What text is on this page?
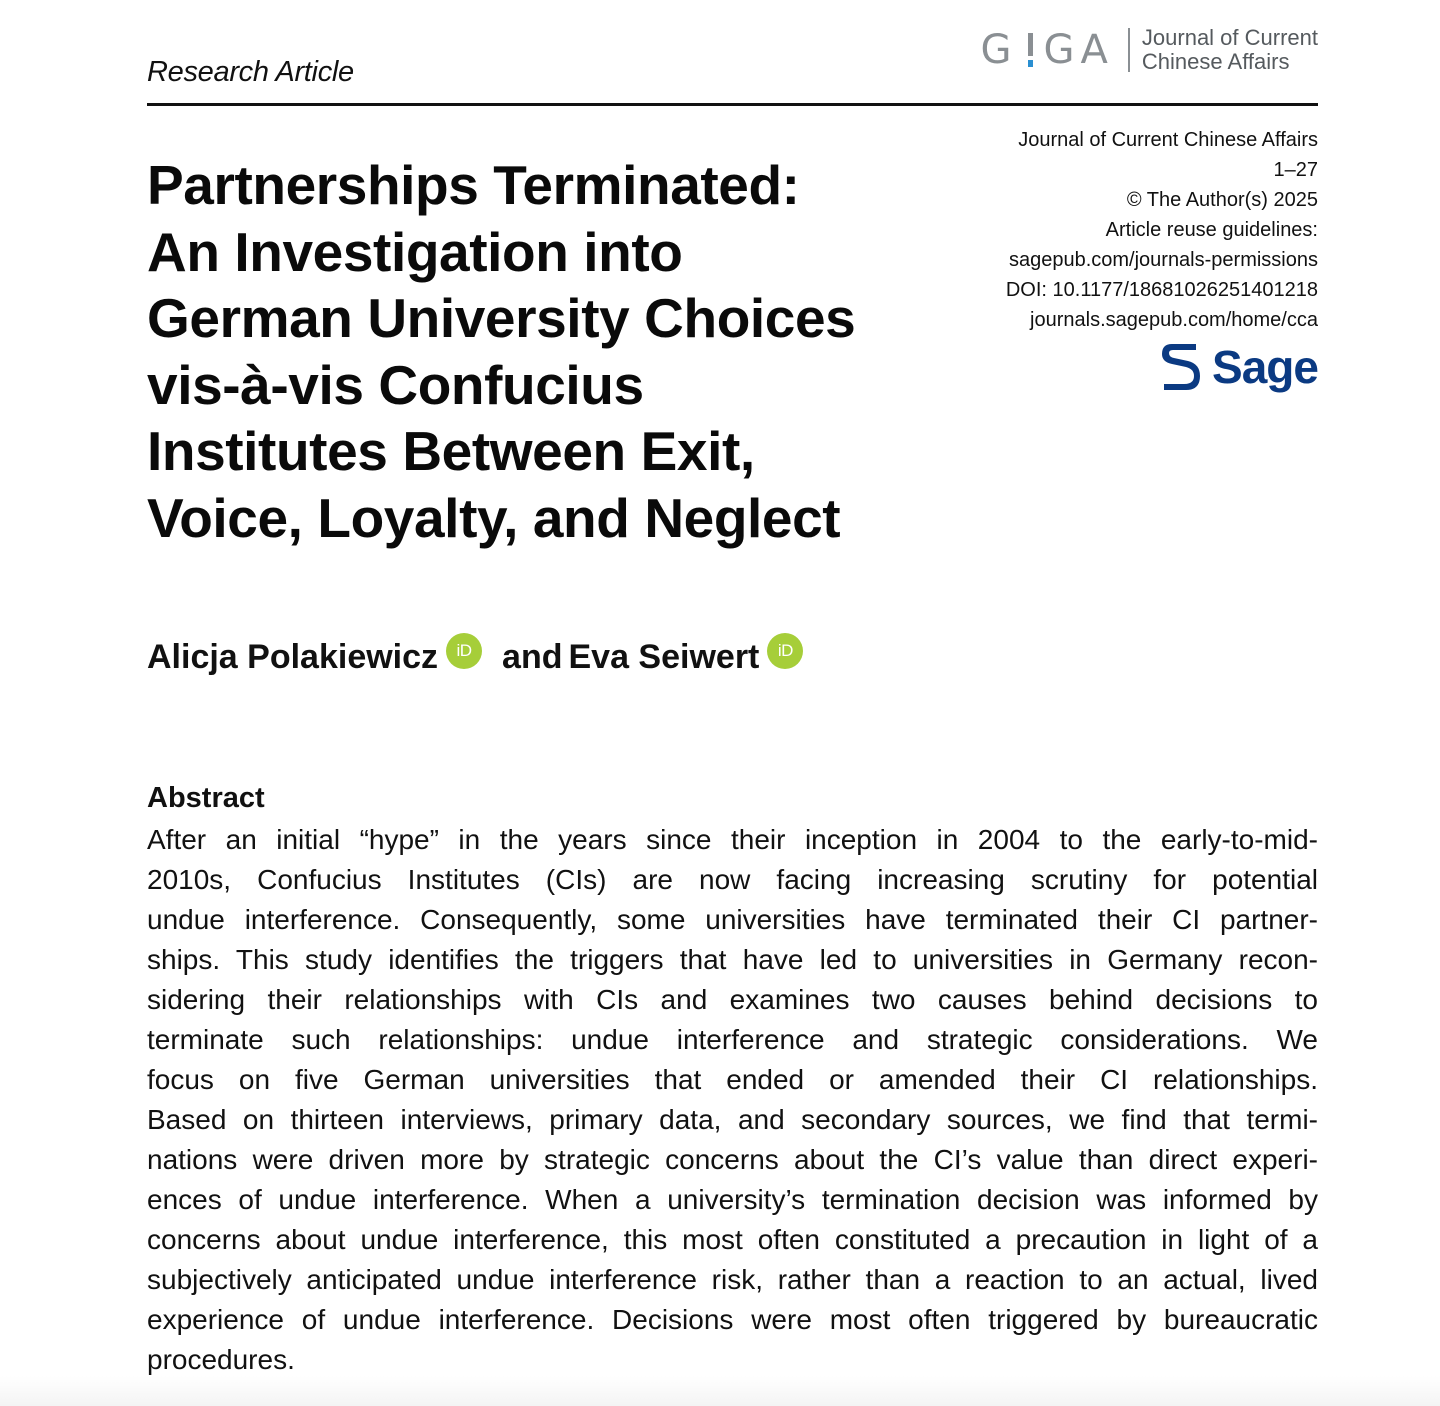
Research Article	G GA Journal of Current
Chinese Affairs
Partnerships Terminated:
An Investigation into
German University Choices
vis-à-vis Confucius
Institutes Between Exit,
Voice, Loyalty, and Neglect
Journal of Current Chinese Affairs
1–27
© The Author(s) 2025
Article reuse guidelines:
sagepub.com/journals-permissions
DOI: 10.1177/18681026251401218
journals.sagepub.com/home/cca
Sage
Alicja Polakiewicz	iD and Eva Seiwert	iD
Abstract
After an initial “hype” in the years since their inception in 2004 to the early-to-mid-
2010s, Confucius Institutes (CIs) are now facing increasing scrutiny for potential
undue interference. Consequently, some universities have terminated their CI partner-
ships. This study identifies the triggers that have led to universities in Germany recon-
sidering their relationships with CIs and examines two causes behind decisions to
terminate such relationships: undue interference and strategic considerations. We
focus on five German universities that ended or amended their CI relationships.
Based on thirteen interviews, primary data, and secondary sources, we find that termi-
nations were driven more by strategic concerns about the CI’s value than direct experi-
ences of undue interference. When a university’s termination decision was informed by
concerns about undue interference, this most often constituted a precaution in light of a
subjectively anticipated undue interference risk, rather than a reaction to an actual, lived
experience of undue interference. Decisions were most often triggered by bureaucratic
procedures.
